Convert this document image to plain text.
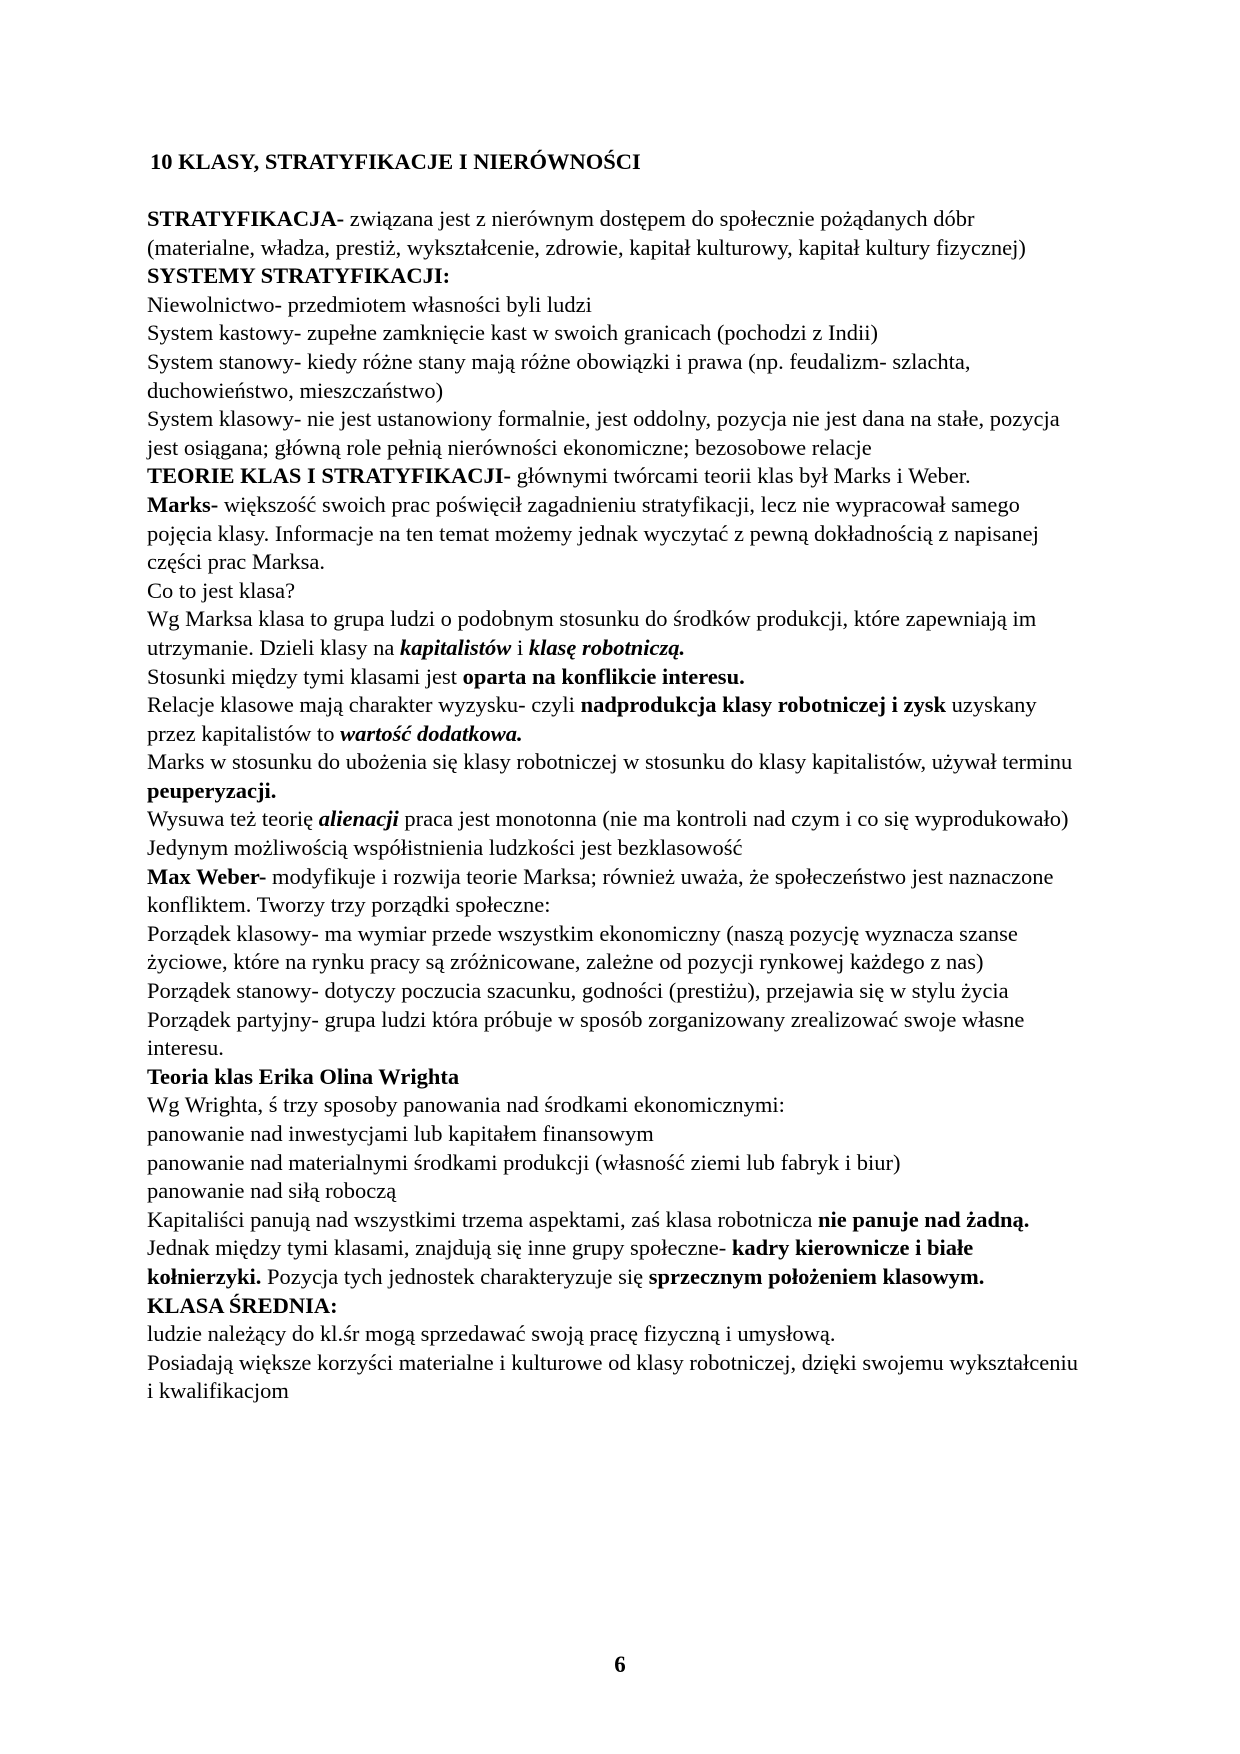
10 KLASY, STRATYFIKACJE I NIERÓWNOŚCI

STRATYFIKACJA- związana jest z nierównym dostępem do społecznie pożądanych dóbr (materialne, władza, prestiż, wykształcenie, zdrowie, kapitał kulturowy, kapitał kultury fizycznej)

SYSTEMY STRATYFIKACJI:

Niewolnictwo- przedmiotem własności byli ludzi

System kastowy- zupełne zamknięcie kast w swoich granicach (pochodzi z Indii)

System stanowy- kiedy różne stany mają różne obowiązki i prawa (np. feudalizm- szlachta, duchowieństwo, mieszczaństwo)

System klasowy- nie jest ustanowiony formalnie, jest oddolny, pozycja nie jest dana na stałe, pozycja jest osiągana; główną role pełnią nierówności ekonomiczne; bezosobowe relacje

TEORIE KLAS I STRATYFIKACJI- głównymi twórcami teorii klas był Marks i Weber.

Marks- większość swoich prac poświęcił zagadnieniu stratyfikacji, lecz nie wypracował samego pojęcia klasy. Informacje na ten temat możemy jednak wyczytać z pewną dokładnością z napisanej części prac Marksa.

Co to jest klasa?

Wg Marksa klasa to grupa ludzi o podobnym stosunku do środków produkcji, które zapewniają im utrzymanie. Dzieli klasy na kapitalistów i klasę robotniczą.

Stosunki między tymi klasami jest oparta na konflikcie interesu.

Relacje klasowe mają charakter wyzysku- czyli nadprodukcja klasy robotniczej i zysk uzyskany przez kapitalistów to wartość dodatkowa.

Marks w stosunku do ubożenia się klasy robotniczej w stosunku do klasy kapitalistów, używał terminu peuperyzacji.

Wysuwa też teorię alienacji praca jest monotonna (nie ma kontroli nad czym i co się wyprodukowało)

Jedynym możliwością współistnienia ludzkości jest bezklasowość

Max Weber- modyfikuje i rozwija teorie Marksa; również uważa, że społeczeństwo jest naznaczone konfliktem. Tworzy trzy porządki społeczne:

Porządek klasowy- ma wymiar przede wszystkim ekonomiczny (naszą pozycję wyznacza szanse życiowe, które na rynku pracy są zróżnicowane, zależne od pozycji rynkowej każdego z nas)

Porządek stanowy- dotyczy poczucia szacunku, godności (prestiżu), przejawia się w stylu życia

Porządek partyjny- grupa ludzi która próbuje w sposób zorganizowany zrealizować swoje własne interesu.

Teoria klas Erika Olina Wrighta

Wg Wrighta, ś trzy sposoby panowania nad środkami ekonomicznymi:

panowanie nad inwestycjami lub kapitałem finansowym

panowanie nad materialnymi środkami produkcji (własność ziemi lub fabryk i biur)

panowanie nad siłą roboczą

Kapitaliści panują nad wszystkimi trzema aspektami, zaś klasa robotnicza nie panuje nad żadną. Jednak między tymi klasami, znajdują się inne grupy społeczne- kadry kierownicze i białe kołnierzyki. Pozycja tych jednostek charakteryzuje się sprzecznym położeniem klasowym.

KLASA ŚREDNIA:

ludzie należący do kl.śr mogą sprzedawać swoją pracę fizyczną i umysłową.

Posiadają większe korzyści materialne i kulturowe od klasy robotniczej, dzięki swojemu wykształceniu i kwalifikacjom

6
